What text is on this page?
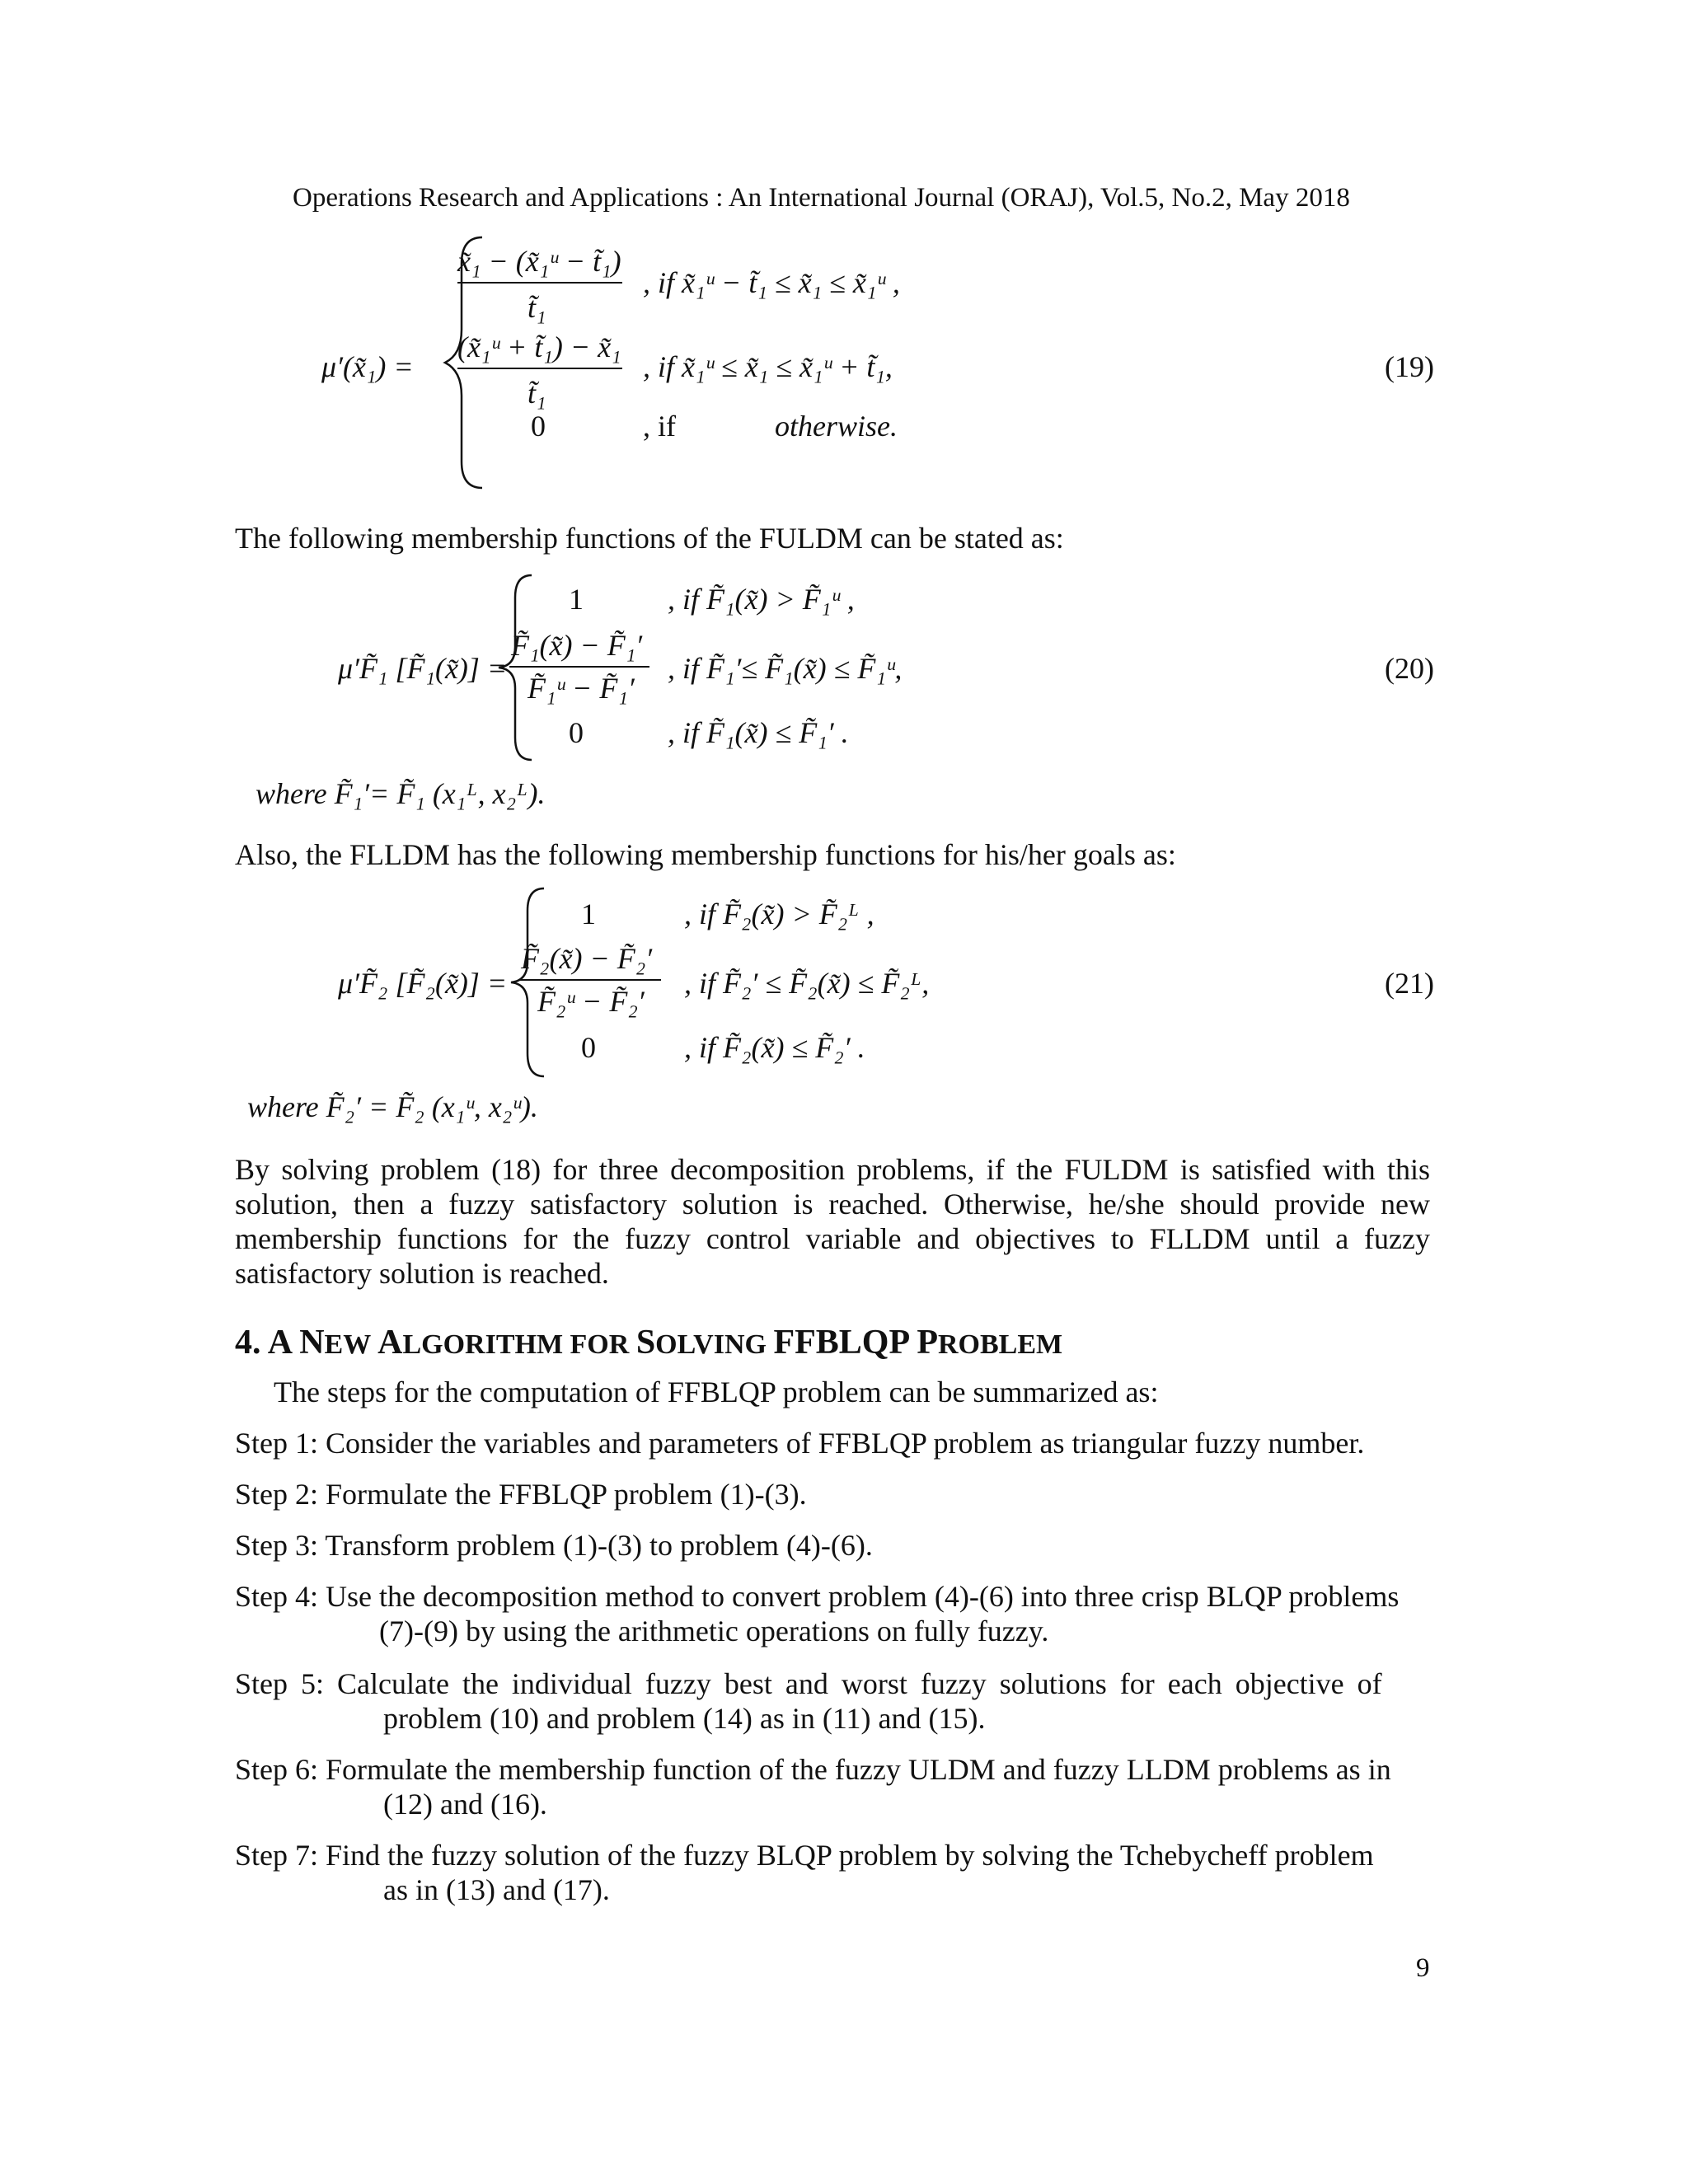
Operations Research and Applications : An International Journal (ORAJ), Vol.5, No.2, May 2018
μ′(x̃₁) =
x̃₁ − (x̃₁ᵘ − t̃₁)
t̃₁
, if x̃₁ᵘ − t̃₁ ≤ x̃₁ ≤ x̃₁ᵘ ,
(x̃₁ᵘ + t̃₁) − x̃₁
t̃₁
, if x̃₁ᵘ ≤ x̃₁ ≤ x̃₁ᵘ + t̃₁,
0	, if	otherwise.
(19)
The following membership functions of the FULDM can be stated as:
μ′F̃₁ [F̃₁(x̃)] =
1	, if F̃₁(x̃) > F̃₁ᵘ ,
F̃₁(x̃) − F̃₁′
F̃₁ᵘ − F̃₁′
, if F̃₁′≤ F̃₁(x̃) ≤ F̃₁ᵘ,
0	, if F̃₁(x̃) ≤ F̃₁′ .
(20)
where F̃₁′= F̃₁ (x₁ᴸ, x₂ᴸ).
Also, the FLLDM has the following membership functions for his/her goals as:
μ′F̃₂ [F̃₂(x̃)] =
1	, if F̃₂(x̃) > F̃₂ᴸ ,
F̃₂(x̃) − F̃₂′
F̃₂ᵘ − F̃₂′
, if F̃₂′ ≤ F̃₂(x̃) ≤ F̃₂ᴸ,
0	, if F̃₂(x̃) ≤ F̃₂′ .
(21)
where F̃₂′ = F̃₂ (x₁ᵘ, x₂ᵘ).
By solving problem (18) for three decomposition problems, if the FULDM is satisfied with this solution, then a fuzzy satisfactory solution is reached. Otherwise, he/she should provide new membership functions for the fuzzy control variable and objectives to FLLDM until a fuzzy satisfactory solution is reached.
4. A NEW ALGORITHM FOR SOLVING FFBLQP PROBLEM
The steps for the computation of FFBLQP problem can be summarized as:
Step 1: Consider the variables and parameters of FFBLQP problem as triangular fuzzy number.
Step 2: Formulate the FFBLQP problem (1)-(3).
Step 3: Transform problem (1)-(3) to problem (4)-(6).
Step 4: Use the decomposition method to convert problem (4)-(6) into three crisp BLQP problems
(7)-(9) by using the arithmetic operations on fully fuzzy.
Step 5: Calculate the individual fuzzy best and worst fuzzy solutions for each objective of
problem (10) and problem (14) as in (11) and (15).
Step 6: Formulate the membership function of the fuzzy ULDM and fuzzy LLDM problems as in
(12) and (16).
Step 7: Find the fuzzy solution of the fuzzy BLQP problem by solving the Tchebycheff problem
as in (13) and (17).
9
